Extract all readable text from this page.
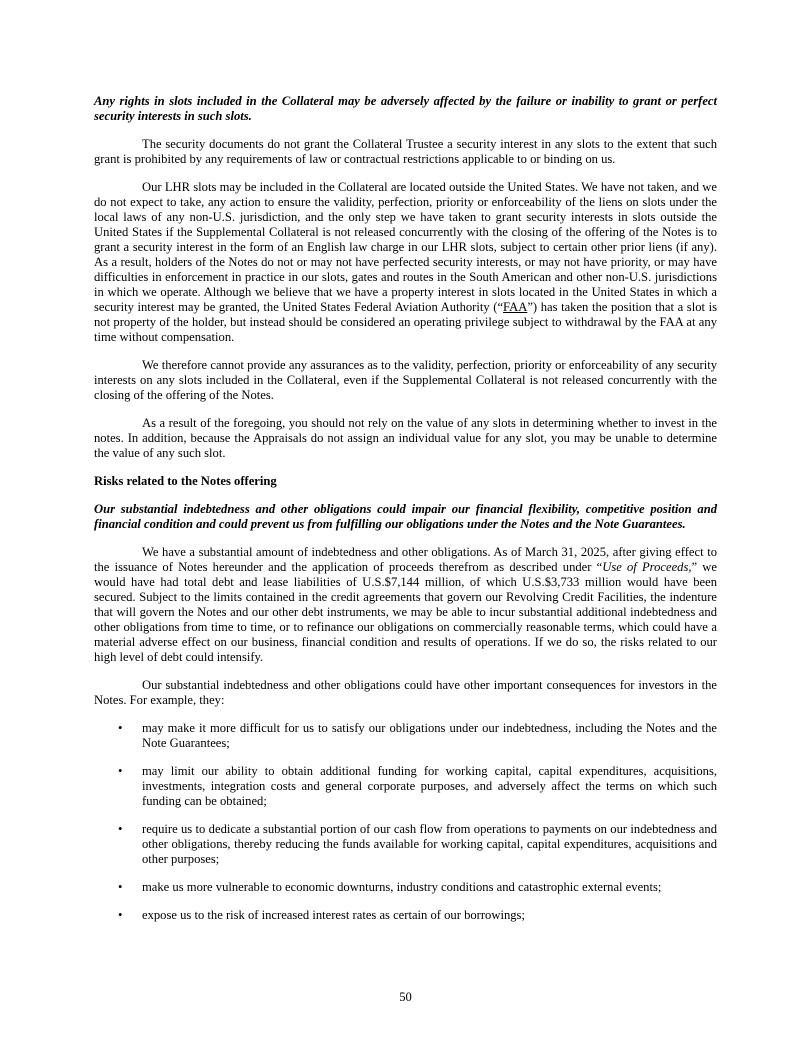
Any rights in slots included in the Collateral may be adversely affected by the failure or inability to grant or perfect security interests in such slots.

The security documents do not grant the Collateral Trustee a security interest in any slots to the extent that such grant is prohibited by any requirements of law or contractual restrictions applicable to or binding on us.

Our LHR slots may be included in the Collateral are located outside the United States. We have not taken, and we do not expect to take, any action to ensure the validity, perfection, priority or enforceability of the liens on slots under the local laws of any non-U.S. jurisdiction, and the only step we have taken to grant security interests in slots outside the United States if the Supplemental Collateral is not released concurrently with the closing of the offering of the Notes is to grant a security interest in the form of an English law charge in our LHR slots, subject to certain other prior liens (if any). As a result, holders of the Notes do not or may not have perfected security interests, or may not have priority, or may have difficulties in enforcement in practice in our slots, gates and routes in the South American and other non-U.S. jurisdictions in which we operate. Although we believe that we have a property interest in slots located in the United States in which a security interest may be granted, the United States Federal Aviation Authority (“FAA”) has taken the position that a slot is not property of the holder, but instead should be considered an operating privilege subject to withdrawal by the FAA at any time without compensation.

We therefore cannot provide any assurances as to the validity, perfection, priority or enforceability of any security interests on any slots included in the Collateral, even if the Supplemental Collateral is not released concurrently with the closing of the offering of the Notes.

As a result of the foregoing, you should not rely on the value of any slots in determining whether to invest in the notes. In addition, because the Appraisals do not assign an individual value for any slot, you may be unable to determine the value of any such slot.

Risks related to the Notes offering

Our substantial indebtedness and other obligations could impair our financial flexibility, competitive position and financial condition and could prevent us from fulfilling our obligations under the Notes and the Note Guarantees.

We have a substantial amount of indebtedness and other obligations. As of March 31, 2025, after giving effect to the issuance of Notes hereunder and the application of proceeds therefrom as described under “Use of Proceeds,” we would have had total debt and lease liabilities of U.S.$7,144 million, of which U.S.$3,733 million would have been secured. Subject to the limits contained in the credit agreements that govern our Revolving Credit Facilities, the indenture that will govern the Notes and our other debt instruments, we may be able to incur substantial additional indebtedness and other obligations from time to time, or to refinance our obligations on commercially reasonable terms, which could have a material adverse effect on our business, financial condition and results of operations. If we do so, the risks related to our high level of debt could intensify.

Our substantial indebtedness and other obligations could have other important consequences for investors in the Notes. For example, they:

• may make it more difficult for us to satisfy our obligations under our indebtedness, including the Notes and the Note Guarantees;
• may limit our ability to obtain additional funding for working capital, capital expenditures, acquisitions, investments, integration costs and general corporate purposes, and adversely affect the terms on which such funding can be obtained;
• require us to dedicate a substantial portion of our cash flow from operations to payments on our indebtedness and other obligations, thereby reducing the funds available for working capital, capital expenditures, acquisitions and other purposes;
• make us more vulnerable to economic downturns, industry conditions and catastrophic external events;
• expose us to the risk of increased interest rates as certain of our borrowings;
50
